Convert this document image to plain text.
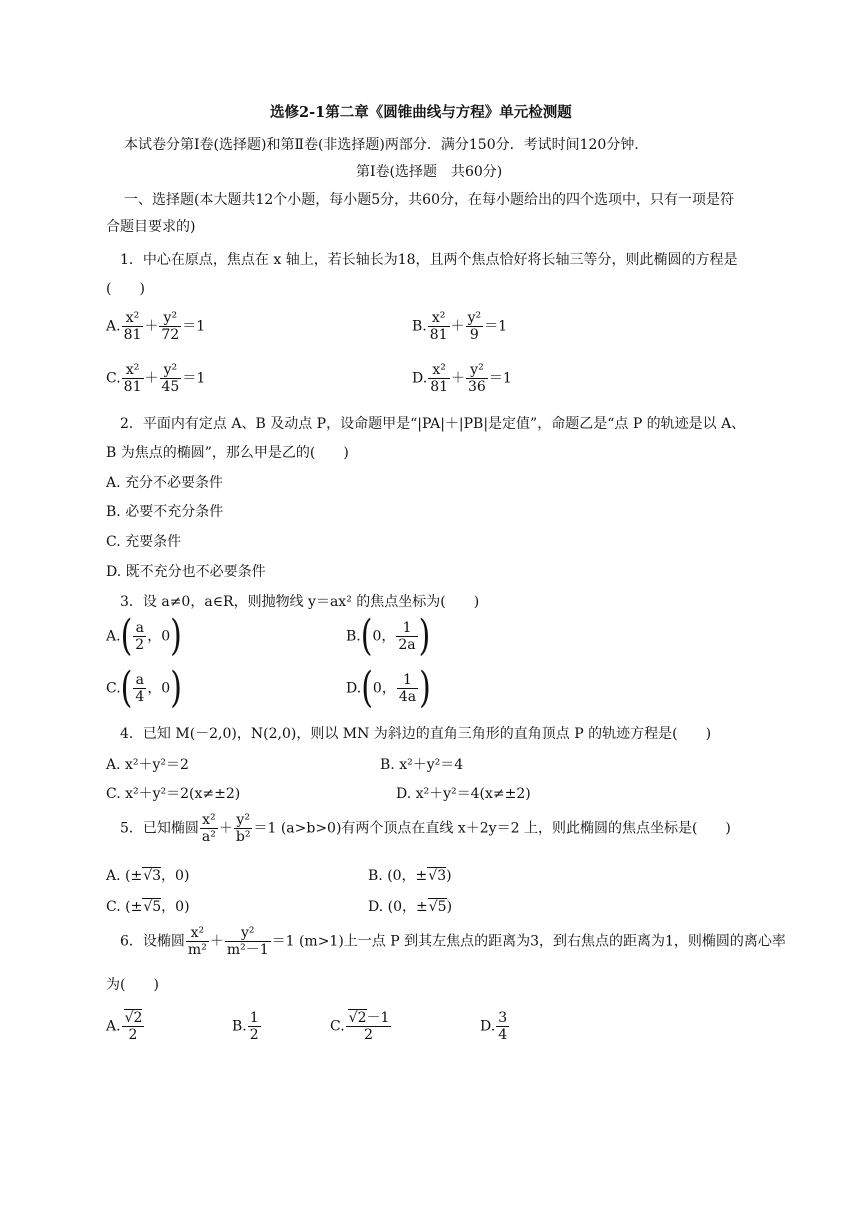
选修2-1第二章《圆锥曲线与方程》单元检测题
本试卷分第Ⅰ卷(选择题)和第Ⅱ卷(非选择题)两部分．满分150分．考试时间120分钟．
第Ⅰ卷(选择题　共60分)
一、选择题(本大题共12个小题，每小题5分，共60分，在每小题给出的四个选项中，只有一项是符
合题目要求的)
1．中心在原点，焦点在 x 轴上，若长轴长为18，且两个焦点恰好将长轴三等分，则此椭圆的方程是
(　　)
A. $\frac{\text{x²}}{81} + \frac{\text{y²}}{72} =1$	B. $\frac{\text{x²}}{81} + \frac{\text{y²}}{9} =1$
C. $\frac{\text{x²}}{81} + \frac{\text{y²}}{45} =1$	D. $\frac{\text{x²}}{81} + \frac{\text{y²}}{36} =1$
2．平面内有定点 A、B 及动点 P，设命题甲是“|PA|＋|PB|是定值”，命题乙是“点 P 的轨迹是以 A、
B 为焦点的椭圆”，那么甲是乙的(　　)
A. 充分不必要条件
B. 必要不充分条件
C. 充要条件
D. 既不充分也不必要条件
3．设 a≠0，a∈R，则抛物线 y＝ax² 的焦点坐标为(　　)
$A.( \frac{a}{2}$ ，0)	B.(0， $\frac{1}{2a}$ )
$C.( \frac{a}{4}$ ，0)	D.(0， $\frac{1}{4a}$ )
4．已知 M(－2,0)，N(2,0)，则以 MN 为斜边的直角三角形的直角顶点 P 的轨迹方程是(　　)
A. x²＋y²＝2	B. x²＋y²＝4
C. x²＋y²＝2(x≠±2)	D. x²＋y²＝4(x≠±2)
5．已知椭圆 $\frac{\text{x²}}{\text{a²}} + \frac{\text{y²}}{\text{b²}} =1$ (a>b>0)有两个顶点在直线 x＋2y＝2 上，则此椭圆的焦点坐标是(　　)
A. (±√3，0)	B. (0，±√3)
C. (±√5，0)	D. (0，±√5)
6．设椭圆 $\frac{\text{x²}}{\text{m²}} + \frac{\text{y²}}{\text{m²－1}} =1$ (m>1)上一点 P 到其左焦点的距离为3，到右焦点的距离为1，则椭圆的离心率
为(　　)
A. $\frac{√2}{2}$	B. $\frac{1}{2}$	C. $\frac{√2-1}{2}$	D. $\frac{3}{4}$
